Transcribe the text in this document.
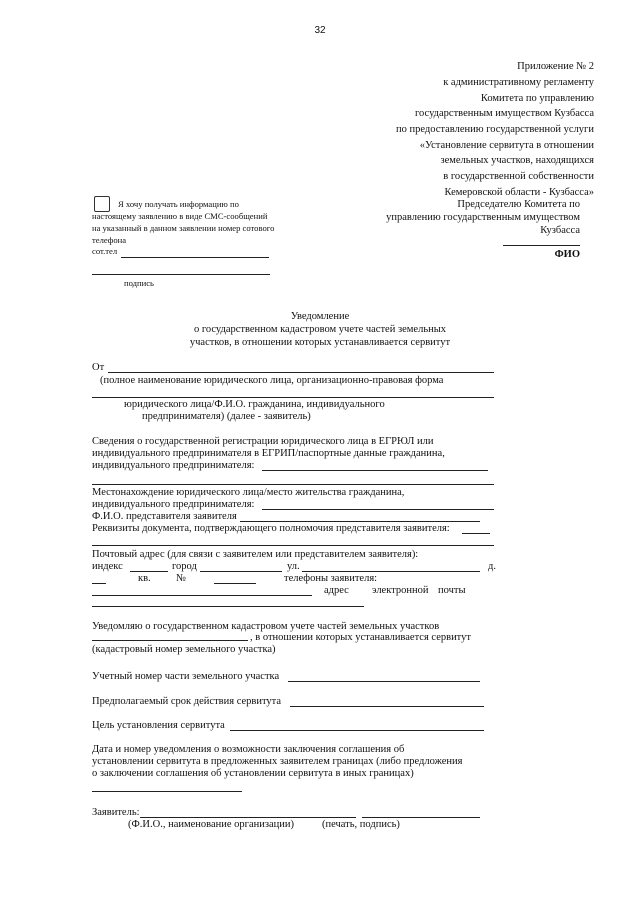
32
Приложение № 2
к административному регламенту
Комитета по управлению
государственным имуществом Кузбасса
по предоставлению государственной услуги
«Установление сервитута в отношении
земельных участков, находящихся
в государственной собственности
Кемеровской области - Кузбасса»
Я хочу получать информацию по
настоящему заявлению в виде СМС-сообщений
на указанный в данном заявлении номер сотового
телефона
сот.тел
подпись
Председателю Комитета по
управлению государственным имуществом
Кузбасса
ФИО
Уведомление
о государственном кадастровом учете частей земельных
участков, в отношении которых устанавливается сервитут
От
(полное наименование юридического лица, организационно-правовая форма
юридического лица/Ф.И.О. гражданина, индивидуального
предпринимателя) (далее - заявитель)
Сведения о государственной регистрации юридического лица в ЕГРЮЛ или
индивидуального предпринимателя в ЕГРИП/паспортные данные гражданина,
индивидуального предпринимателя:
Местонахождение юридического лица/место жительства гражданина,
индивидуального предпринимателя:
Ф.И.О. представителя заявителя
Реквизиты документа, подтверждающего полномочия представителя заявителя:
Почтовый адрес (для связи с заявителем или представителем заявителя):
индекс	город	ул.	д.
кв. №	телефоны заявителя:
адрес электронной почты
Уведомляю о государственном кадастровом учете частей земельных участков
, в отношении которых устанавливается сервитут
(кадастровый номер земельного участка)
Учетный номер части земельного участка
Предполагаемый срок действия сервитута
Цель установления сервитута
Дата и номер уведомления о возможности заключения соглашения об
установлении сервитута в предложенных заявителем границах (либо предложения
о заключении соглашения об установлении сервитута в иных границах)
Заявитель:
(Ф.И.О., наименование организации)	(печать, подпись)
